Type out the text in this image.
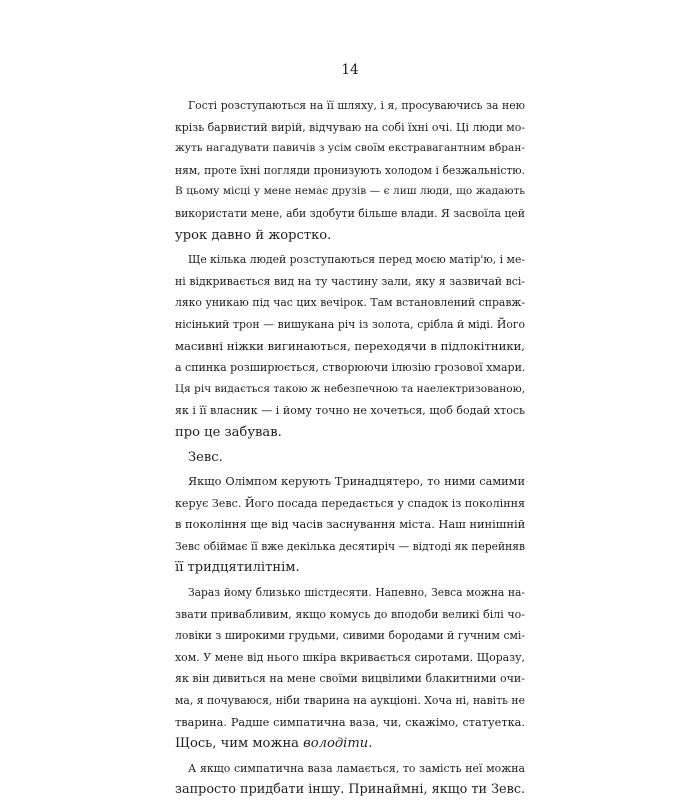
14

Гості розступаються на її шляху, і я, просуваючись за нею
крізь барвистий вирій, відчуваю на собі їхні очі. Ці люди мо-
жуть нагадувати павичів з усім своїм екстравагантним вбран-
ням, проте їхні погляди пронизують холодом і безжальністю.
В цьому місці у мене немає друзів — є лиш люди, що жадають
використати мене, аби здобути більше влади. Я засвоїла цей
урок давно й жорстко.

Ще кілька людей розступаються перед моєю матір'ю, і ме-
ні відкривається вид на ту частину зали, яку я зазвичай всі-
ляко уникаю під час цих вечірок. Там встановлений справж-
нісінький трон — вишукана річ із золота, срібла й міді. Його
масивні ніжки вигинаються, переходячи в підлокітники,
а спинка розширюється, створюючи ілюзію грозової хмари.
Ця річ видається такою ж небезпечною та наелектризованою,
як і її власник — і йому точно не хочеться, щоб бодай хтось
про це забував.

Зевс.

Якщо Олімпом керують Тринадцятеро, то ними самими
керує Зевс. Його посада передається у спадок із покоління
в покоління ще від часів заснування міста. Наш нинішній
Зевс обіймає її вже декілька десятиріч — відтоді як перейняв
її тридцятилітнім.

Зараз йому близько шістдесяти. Напевно, Зевса можна на-
звати привабливим, якщо комусь до вподоби великі білі чо-
ловіки з широкими грудьми, сивими бородами й гучним смі-
хом. У мене від нього шкіра вкривається сиротами. Щоразу,
як він дивиться на мене своїми вицвілими блакитними очи-
ма, я почуваюся, ніби тварина на аукціоні. Хоча ні, навіть не
тварина. Радше симпатична ваза, чи, скажімо, статуетка.
Щось, чим можна володіти.

А якщо симпатична ваза ламається, то замість неї можна
запросто придбати іншу. Принаймні, якщо ти Зевс.
